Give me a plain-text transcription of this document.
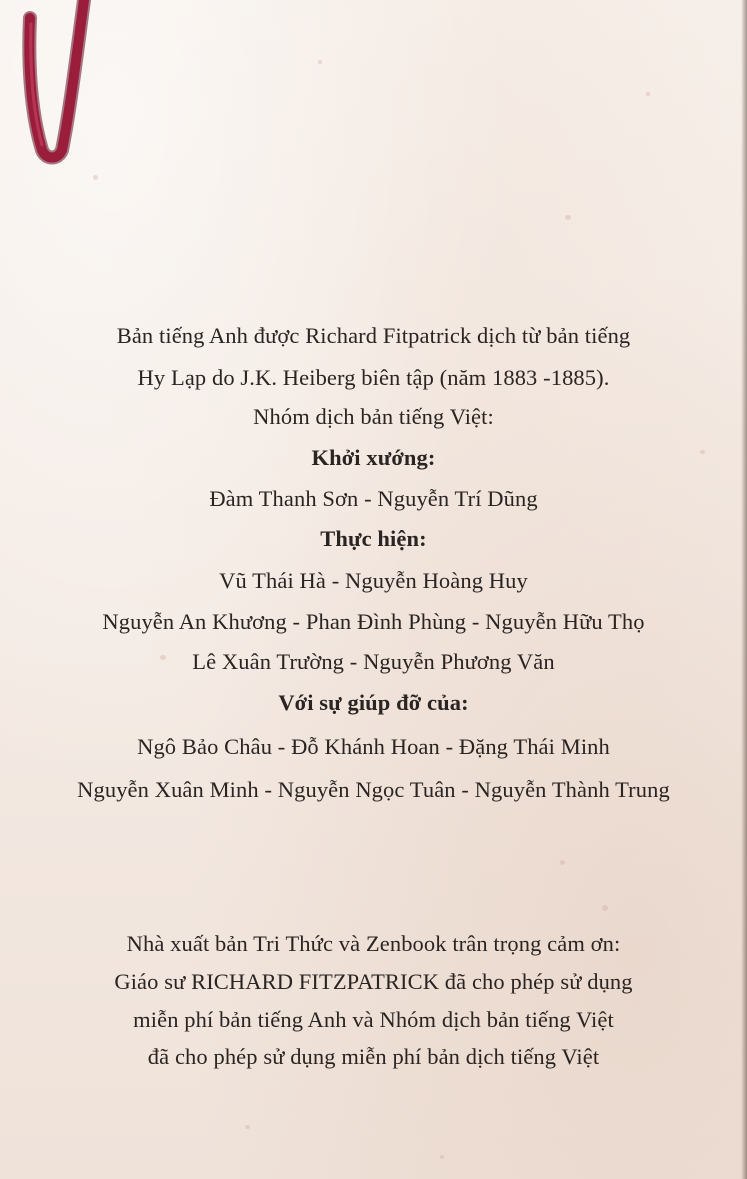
Bản tiếng Anh được Richard Fitpatrick dịch từ bản tiếng
Hy Lạp do J.K. Heiberg biên tập (năm 1883 -1885).
Nhóm dịch bản tiếng Việt:
Khởi xướng:
Đàm Thanh Sơn - Nguyễn Trí Dũng
Thực hiện:
Vũ Thái Hà - Nguyễn Hoàng Huy
Nguyễn An Khương - Phan Đình Phùng - Nguyễn Hữu Thọ
Lê Xuân Trường - Nguyễn Phương Văn
Với sự giúp đỡ của:
Ngô Bảo Châu - Đỗ Khánh Hoan - Đặng Thái Minh
Nguyễn Xuân Minh - Nguyễn Ngọc Tuân - Nguyễn Thành Trung
Nhà xuất bản Tri Thức và Zenbook trân trọng cảm ơn:
Giáo sư RICHARD FITZPATRICK đã cho phép sử dụng
miễn phí bản tiếng Anh và Nhóm dịch bản tiếng Việt
đã cho phép sử dụng miễn phí bản dịch tiếng Việt
